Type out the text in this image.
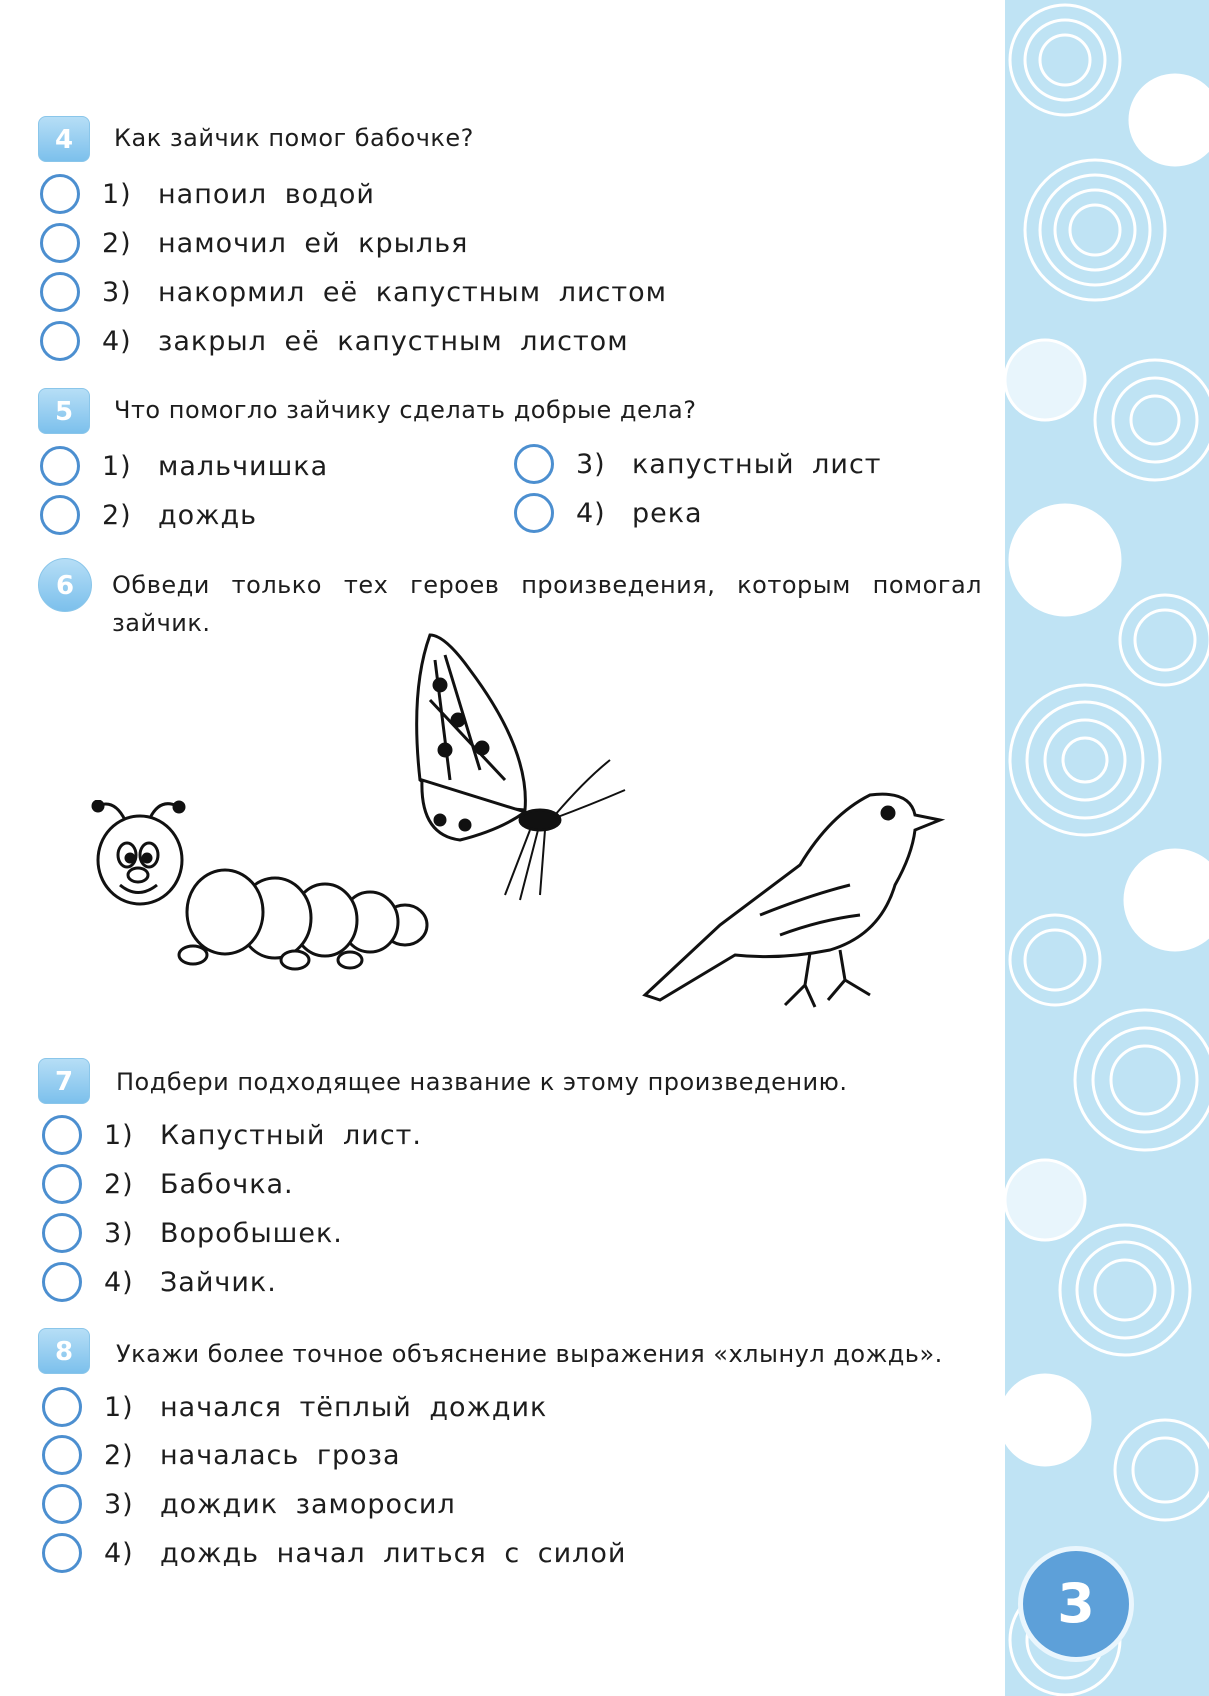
3
4	Как зайчик помог бабочке?
1) напоил водой
2) намочил ей крылья
3) накормил её капустным листом
4) закрыл её капустным листом
5	Что помогло зайчику сделать добрые дела?
1) мальчишка
2) дождь
3) капустный лист
4) река
6	Обведи только тех героев произведения, которым помогал зайчик.
7	Подбери подходящее название к этому произведению.
1) Капустный лист.
2) Бабочка.
3) Воробышек.
4) Зайчик.
8	Укажи более точное объяснение выражения «хлынул дождь».
1) начался тёплый дождик
2) началась гроза
3) дождик заморосил
4) дождь начал литься с силой
